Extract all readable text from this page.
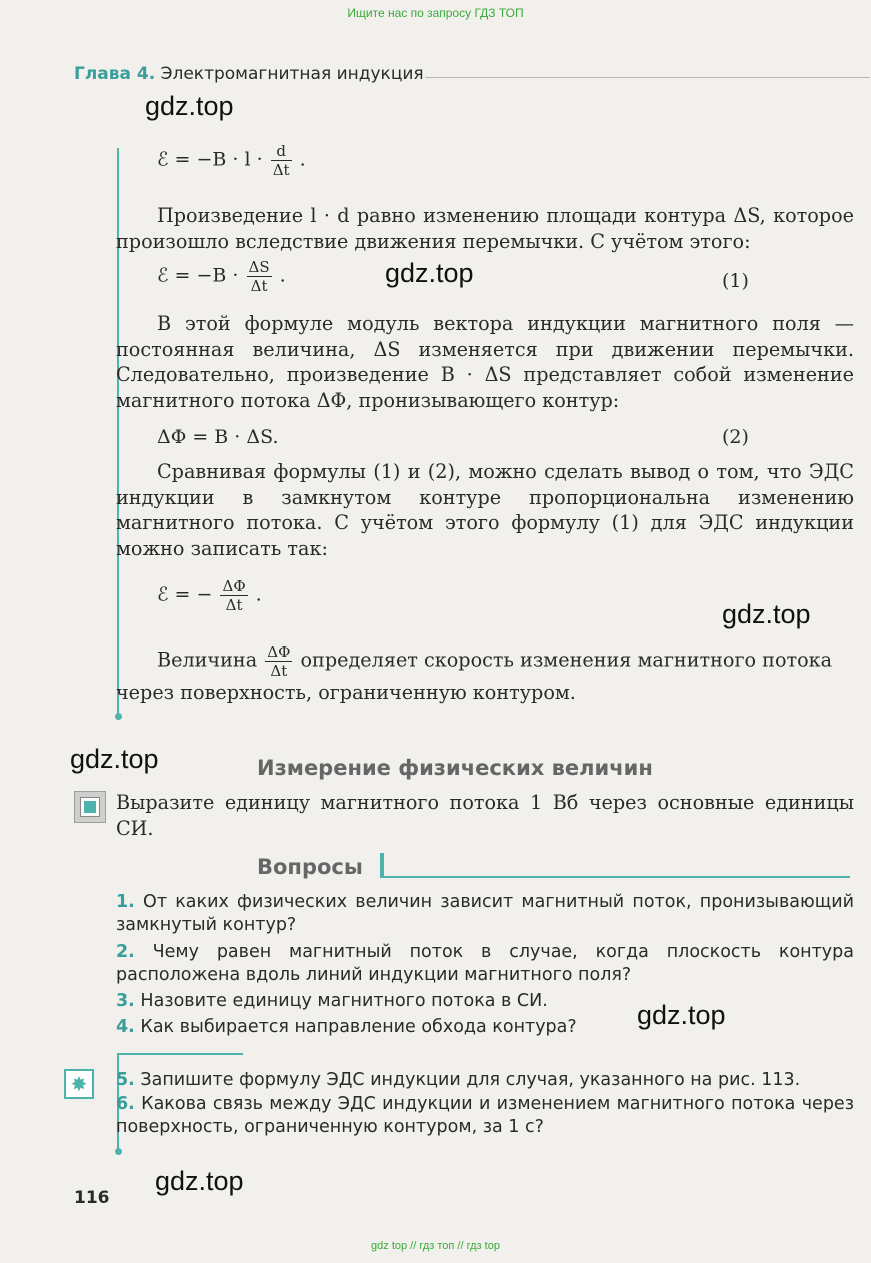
Ищите нас по запросу ГДЗ ТОП
Глава 4. Электромагнитная индукция
gdz.top
gdz.top
gdz.top
gdz.top
gdz.top
gdz.top
ℰ = $-B \cdot l \cdot \frac{d}{\Delta t}$ .
Произведение l · d равно изменению площади контура ΔS, которое произошло вследствие движения перемычки. С учётом этого:
ℰ = $-B \cdot \frac{\Delta S}{\Delta t}$ .	(1)
В этой формуле модуль вектора индукции магнитного поля — постоянная величина, ΔS изменяется при движении перемычки. Следовательно, произведение B · ΔS представляет собой изменение магнитного потока ΔΦ, пронизывающего контур:
ΔΦ = B · ΔS.	(2)
Сравнивая формулы (1) и (2), можно сделать вывод о том, что ЭДС индукции в замкнутом контуре пропорциональна изменению магнитного потока. С учётом этого формулу (1) для ЭДС индукции можно записать так:
ℰ = − $\frac{\Delta\Phi}{\Delta t}$ .
Величина $\frac{\Delta\Phi}{\Delta t}$ определяет скорость изменения магнитного потока
через поверхность, ограниченную контуром.
Измерение физических величин
Выразите единицу магнитного потока 1 Вб через основные единицы СИ.
Вопросы
1. От каких физических величин зависит магнитный поток, пронизывающий замкнутый контур?
2. Чему равен магнитный поток в случае, когда плоскость контура расположена вдоль линий индукции магнитного поля?
3. Назовите единицу магнитного потока в СИ.
4. Как выбирается направление обхода контура?
✸ 5. Запишите формулу ЭДС индукции для случая, указанного на рис. 113.
6. Какова связь между ЭДС индукции и изменением магнитного потока через поверхность, ограниченную контуром, за 1 с?
116
gdz top // гдз топ // гдз top
